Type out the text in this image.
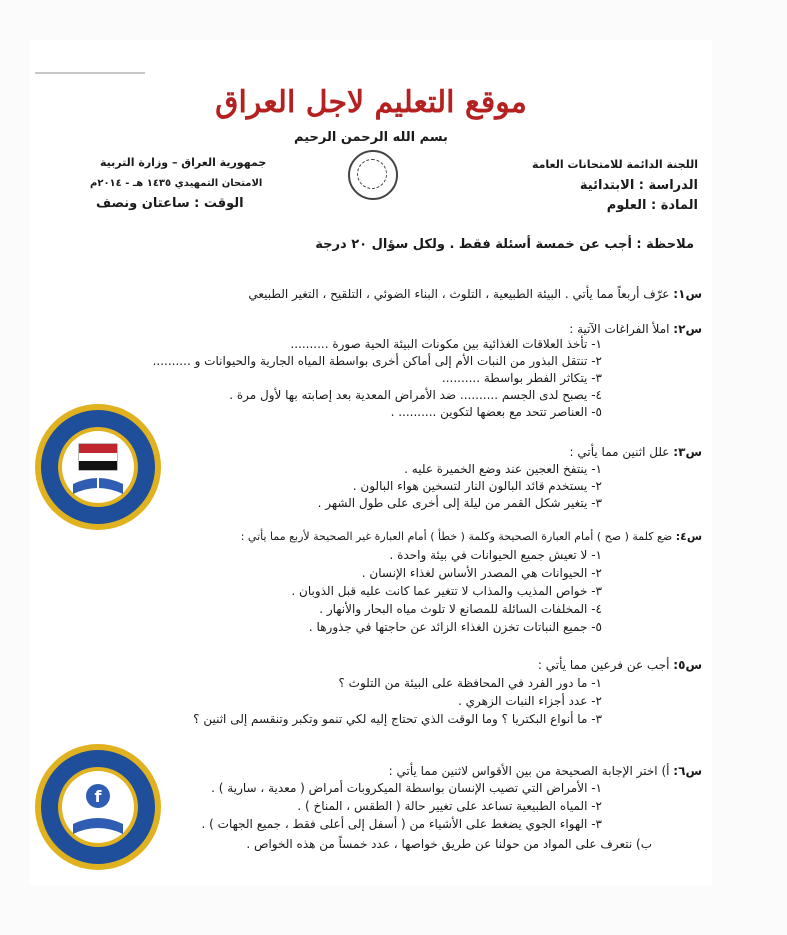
موقع التعليم لاجل العراق
بسم الله الرحمن الرحيم
اللجنة الدائمة للامتحانات العامة
الدراسة : الابتدائية
المادة : العلوم
جمهورية العراق – وزارة التربية
الامتحان التمهيدي ١٤٣٥ هـ - ٢٠١٤م
الوقت : ساعتان ونصف
ملاحظة : أجب عن خمسة أسئلة فقط . ولكل سؤال ٢٠ درجة
س١: عرّف أربعاً مما يأتي . البيئة الطبيعية ، التلوث ، البناء الضوئي ، التلقيح ، التغير الطبيعي
س٢: املأ الفراغات الآتية :
١- تأخذ العلاقات الغذائية بين مكونات البيئة الحية صورة ..........
٢- تنتقل البذور من النبات الأم إلى أماكن أخرى بواسطة المياه الجارية والحيوانات و ..........
٣- يتكاثر الفطر بواسطة ..........
٤- يصبح لدى الجسم .......... ضد الأمراض المعدية بعد إصابته بها لأول مرة .
٥- العناصر تتحد مع بعضها لتكوين .......... .
س٣: علل اثنين مما يأتي :
١- ينتفخ العجين عند وضع الخميرة عليه .
٢- يستخدم قائد البالون النار لتسخين هواء البالون .
٣- يتغير شكل القمر من ليلة إلى أخرى على طول الشهر .
س٤: ضع كلمة ( صح ) أمام العبارة الصحيحة وكلمة ( خطأ ) أمام العبارة غير الصحيحة لأربع مما يأتي :
١- لا تعيش جميع الحيوانات في بيئة واحدة .
٢- الحيوانات هي المصدر الأساس لغذاء الإنسان .
٣- خواص المذيب والمذاب لا تتغير عما كانت عليه قبل الذوبان .
٤- المخلفات السائلة للمصانع لا تلوث مياه البحار والأنهار .
٥- جميع النباتات تخزن الغذاء الزائد عن حاجتها في جذورها .
س٥: أجب عن فرعين مما يأتي :
١- ما دور الفرد في المحافظة على البيئة من التلوث ؟
٢- عدد أجزاء النبات الزهري .
٣- ما أنواع البكتريا ؟ وما الوقت الذي تحتاج إليه لكي تنمو وتكبر وتنقسم إلى اثنين ؟
س٦: أ) اختر الإجابة الصحيحة من بين الأقواس لاثنين مما يأتي :
١- الأمراض التي تصيب الإنسان بواسطة الميكروبات أمراض ( معدية ، سارية ) .
٢- المياه الطبيعية تساعد على تغيير حالة ( الطقس ، المناخ ) .
٣- الهواء الجوي يضغط على الأشياء من ( أسفل إلى أعلى فقط ، جميع الجهات ) .
ب) نتعرف على المواد من حولنا عن طريق خواصها ، عدد خمساً من هذه الخواص .
f
